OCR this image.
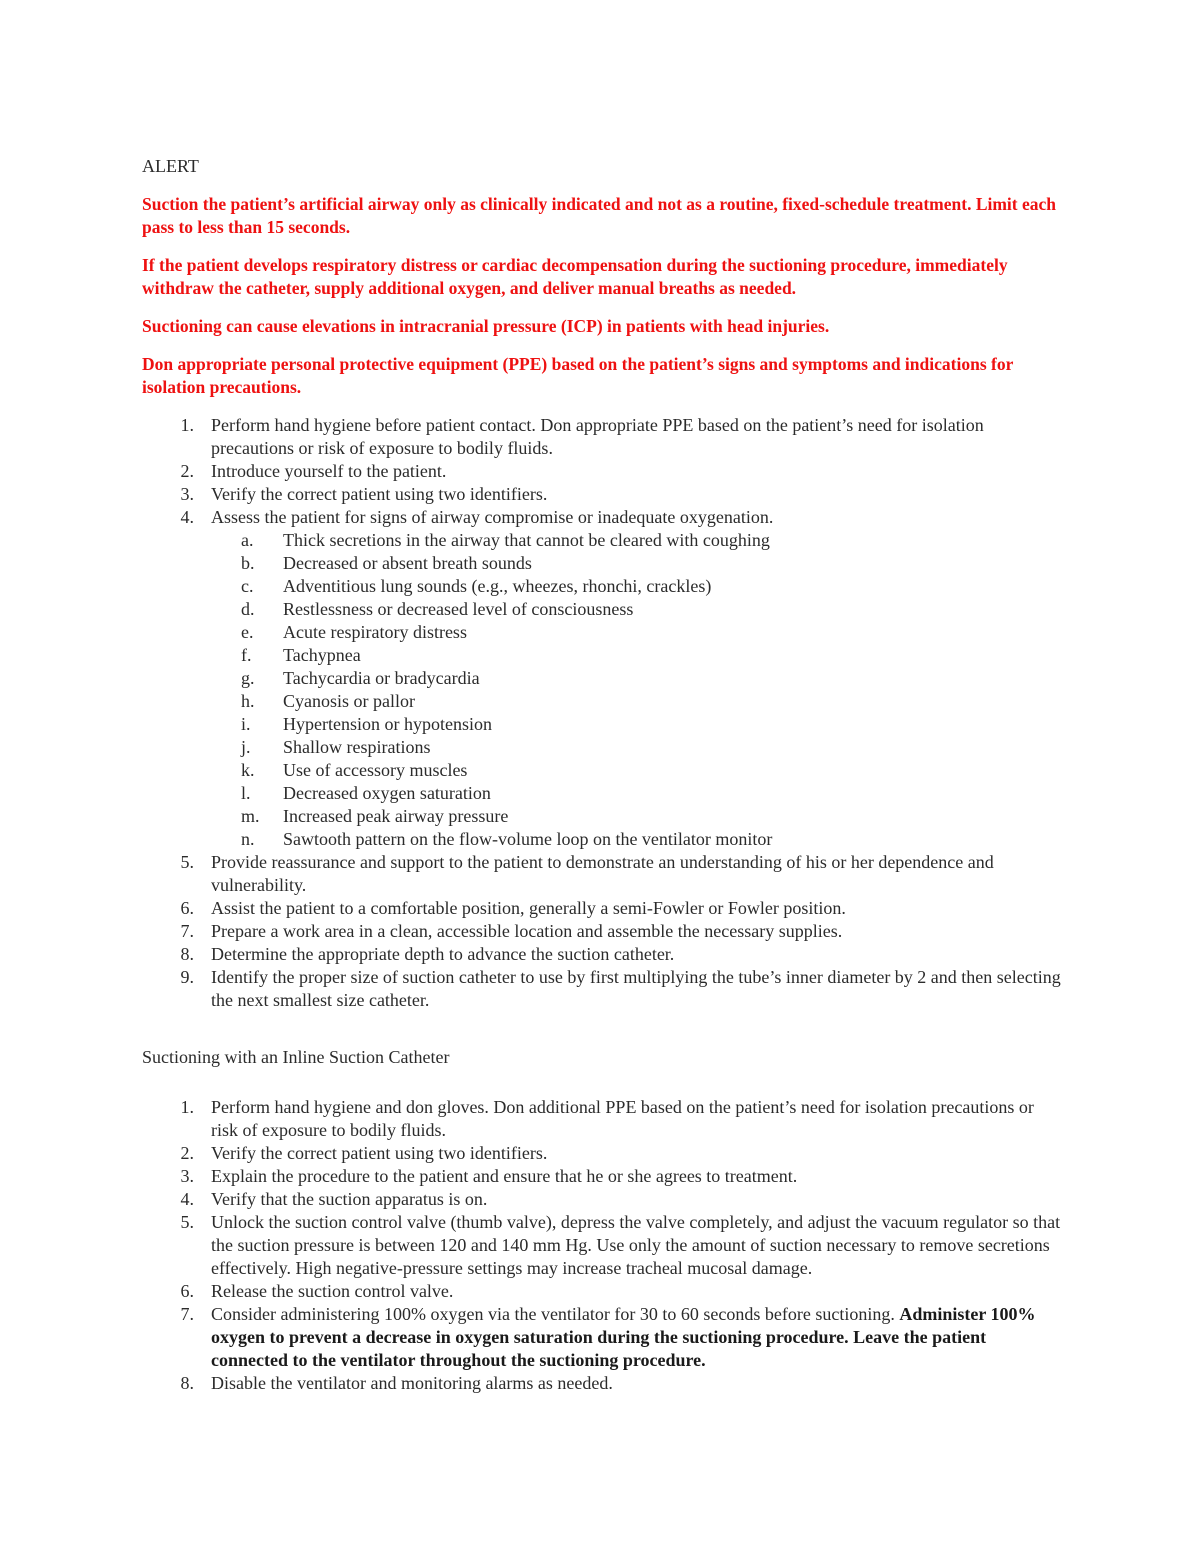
ALERT

Suction the patient’s artificial airway only as clinically indicated and not as a routine, fixed-schedule treatment. Limit each pass to less than 15 seconds.

If the patient develops respiratory distress or cardiac decompensation during the suctioning procedure, immediately withdraw the catheter, supply additional oxygen, and deliver manual breaths as needed.

Suctioning can cause elevations in intracranial pressure (ICP) in patients with head injuries.

Don appropriate personal protective equipment (PPE) based on the patient’s signs and symptoms and indications for isolation precautions.

1. Perform hand hygiene before patient contact. Don appropriate PPE based on the patient’s need for isolation precautions or risk of exposure to bodily fluids.
2. Introduce yourself to the patient.
3. Verify the correct patient using two identifiers.
4. Assess the patient for signs of airway compromise or inadequate oxygenation.
a.	Thick secretions in the airway that cannot be cleared with coughing
b.	Decreased or absent breath sounds
c.	Adventitious lung sounds (e.g., wheezes, rhonchi, crackles)
d.	Restlessness or decreased level of consciousness
e.	Acute respiratory distress
f.	Tachypnea
g.	Tachycardia or bradycardia
h.	Cyanosis or pallor
i.	Hypertension or hypotension
j.	Shallow respirations
k.	Use of accessory muscles
l.	Decreased oxygen saturation
m. Increased peak airway pressure
n.	Sawtooth pattern on the flow-volume loop on the ventilator monitor
5. Provide reassurance and support to the patient to demonstrate an understanding of his or her dependence and vulnerability.
6. Assist the patient to a comfortable position, generally a semi-Fowler or Fowler position.
7. Prepare a work area in a clean, accessible location and assemble the necessary supplies.
8. Determine the appropriate depth to advance the suction catheter.
9. Identify the proper size of suction catheter to use by first multiplying the tube’s inner diameter by 2 and then selecting the next smallest size catheter.
Suctioning with an Inline Suction Catheter
1. Perform hand hygiene and don gloves. Don additional PPE based on the patient’s need for isolation precautions or risk of exposure to bodily fluids.
2. Verify the correct patient using two identifiers.
3. Explain the procedure to the patient and ensure that he or she agrees to treatment.
4. Verify that the suction apparatus is on.
5. Unlock the suction control valve (thumb valve), depress the valve completely, and adjust the vacuum regulator so that the suction pressure is between 120 and 140 mm Hg. Use only the amount of suction necessary to remove secretions effectively. High negative-pressure settings may increase tracheal mucosal damage.
6. Release the suction control valve.
7. Consider administering 100% oxygen via the ventilator for 30 to 60 seconds before suctioning. Administer 100% oxygen to prevent a decrease in oxygen saturation during the suctioning procedure. Leave the patient connected to the ventilator throughout the suctioning procedure.
8. Disable the ventilator and monitoring alarms as needed.
